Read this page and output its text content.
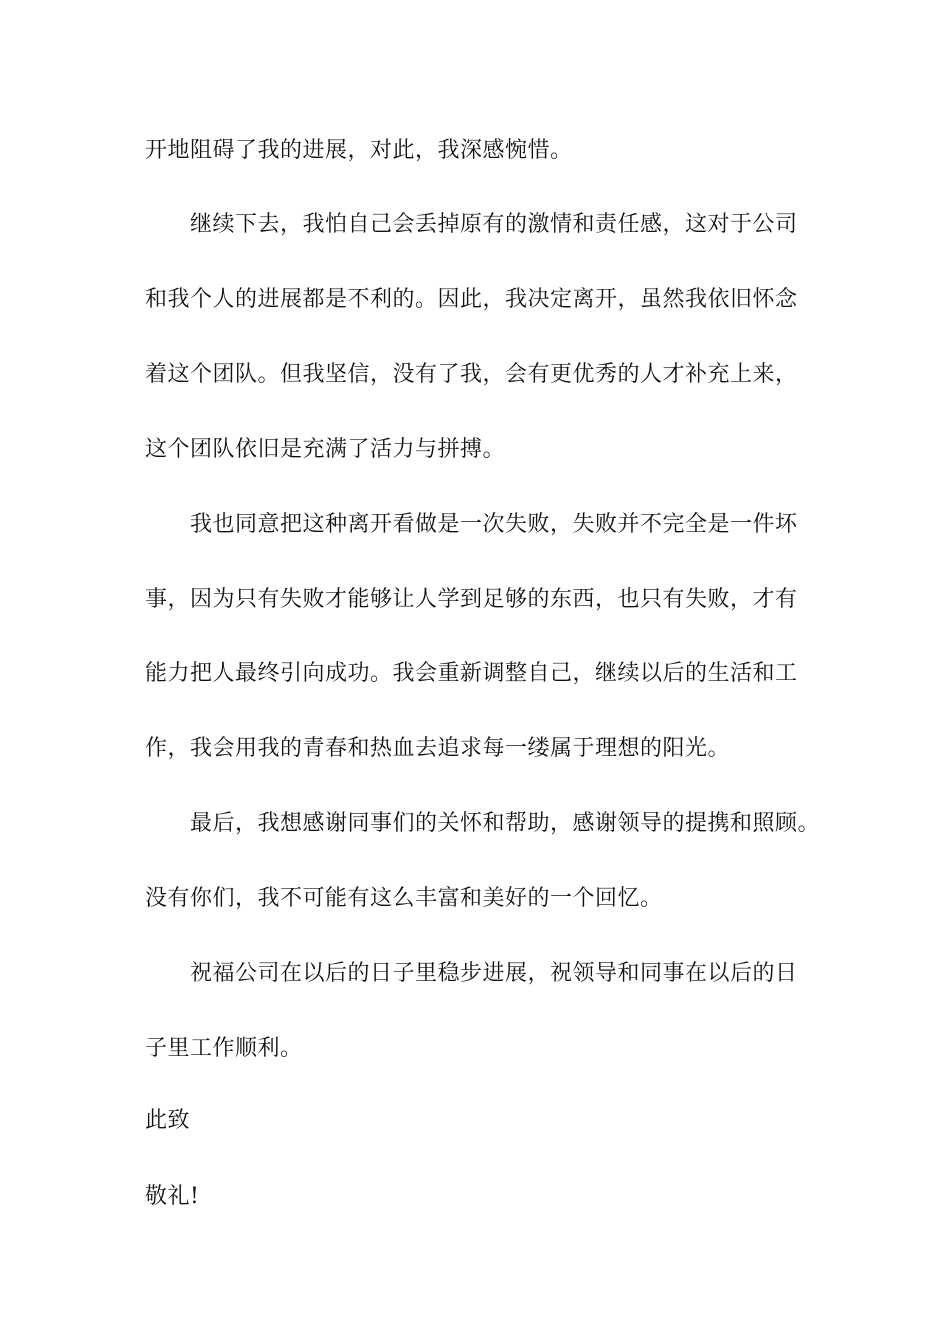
开地阻碍了我的进展，对此，我深感惋惜。
继续下去，我怕自己会丢掉原有的激情和责任感，这对于公司
和我个人的进展都是不利的。因此，我决定离开，虽然我依旧怀念
着这个团队。但我坚信，没有了我，会有更优秀的人才补充上来，
这个团队依旧是充满了活力与拼搏。
我也同意把这种离开看做是一次失败，失败并不完全是一件坏
事，因为只有失败才能够让人学到足够的东西，也只有失败，才有
能力把人最终引向成功。我会重新调整自己，继续以后的生活和工
作，我会用我的青春和热血去追求每一缕属于理想的阳光。
最后，我想感谢同事们的关怀和帮助，感谢领导的提携和照顾。
没有你们，我不可能有这么丰富和美好的一个回忆。
祝福公司在以后的日子里稳步进展，祝领导和同事在以后的日
子里工作顺利。
此致
敬礼!
